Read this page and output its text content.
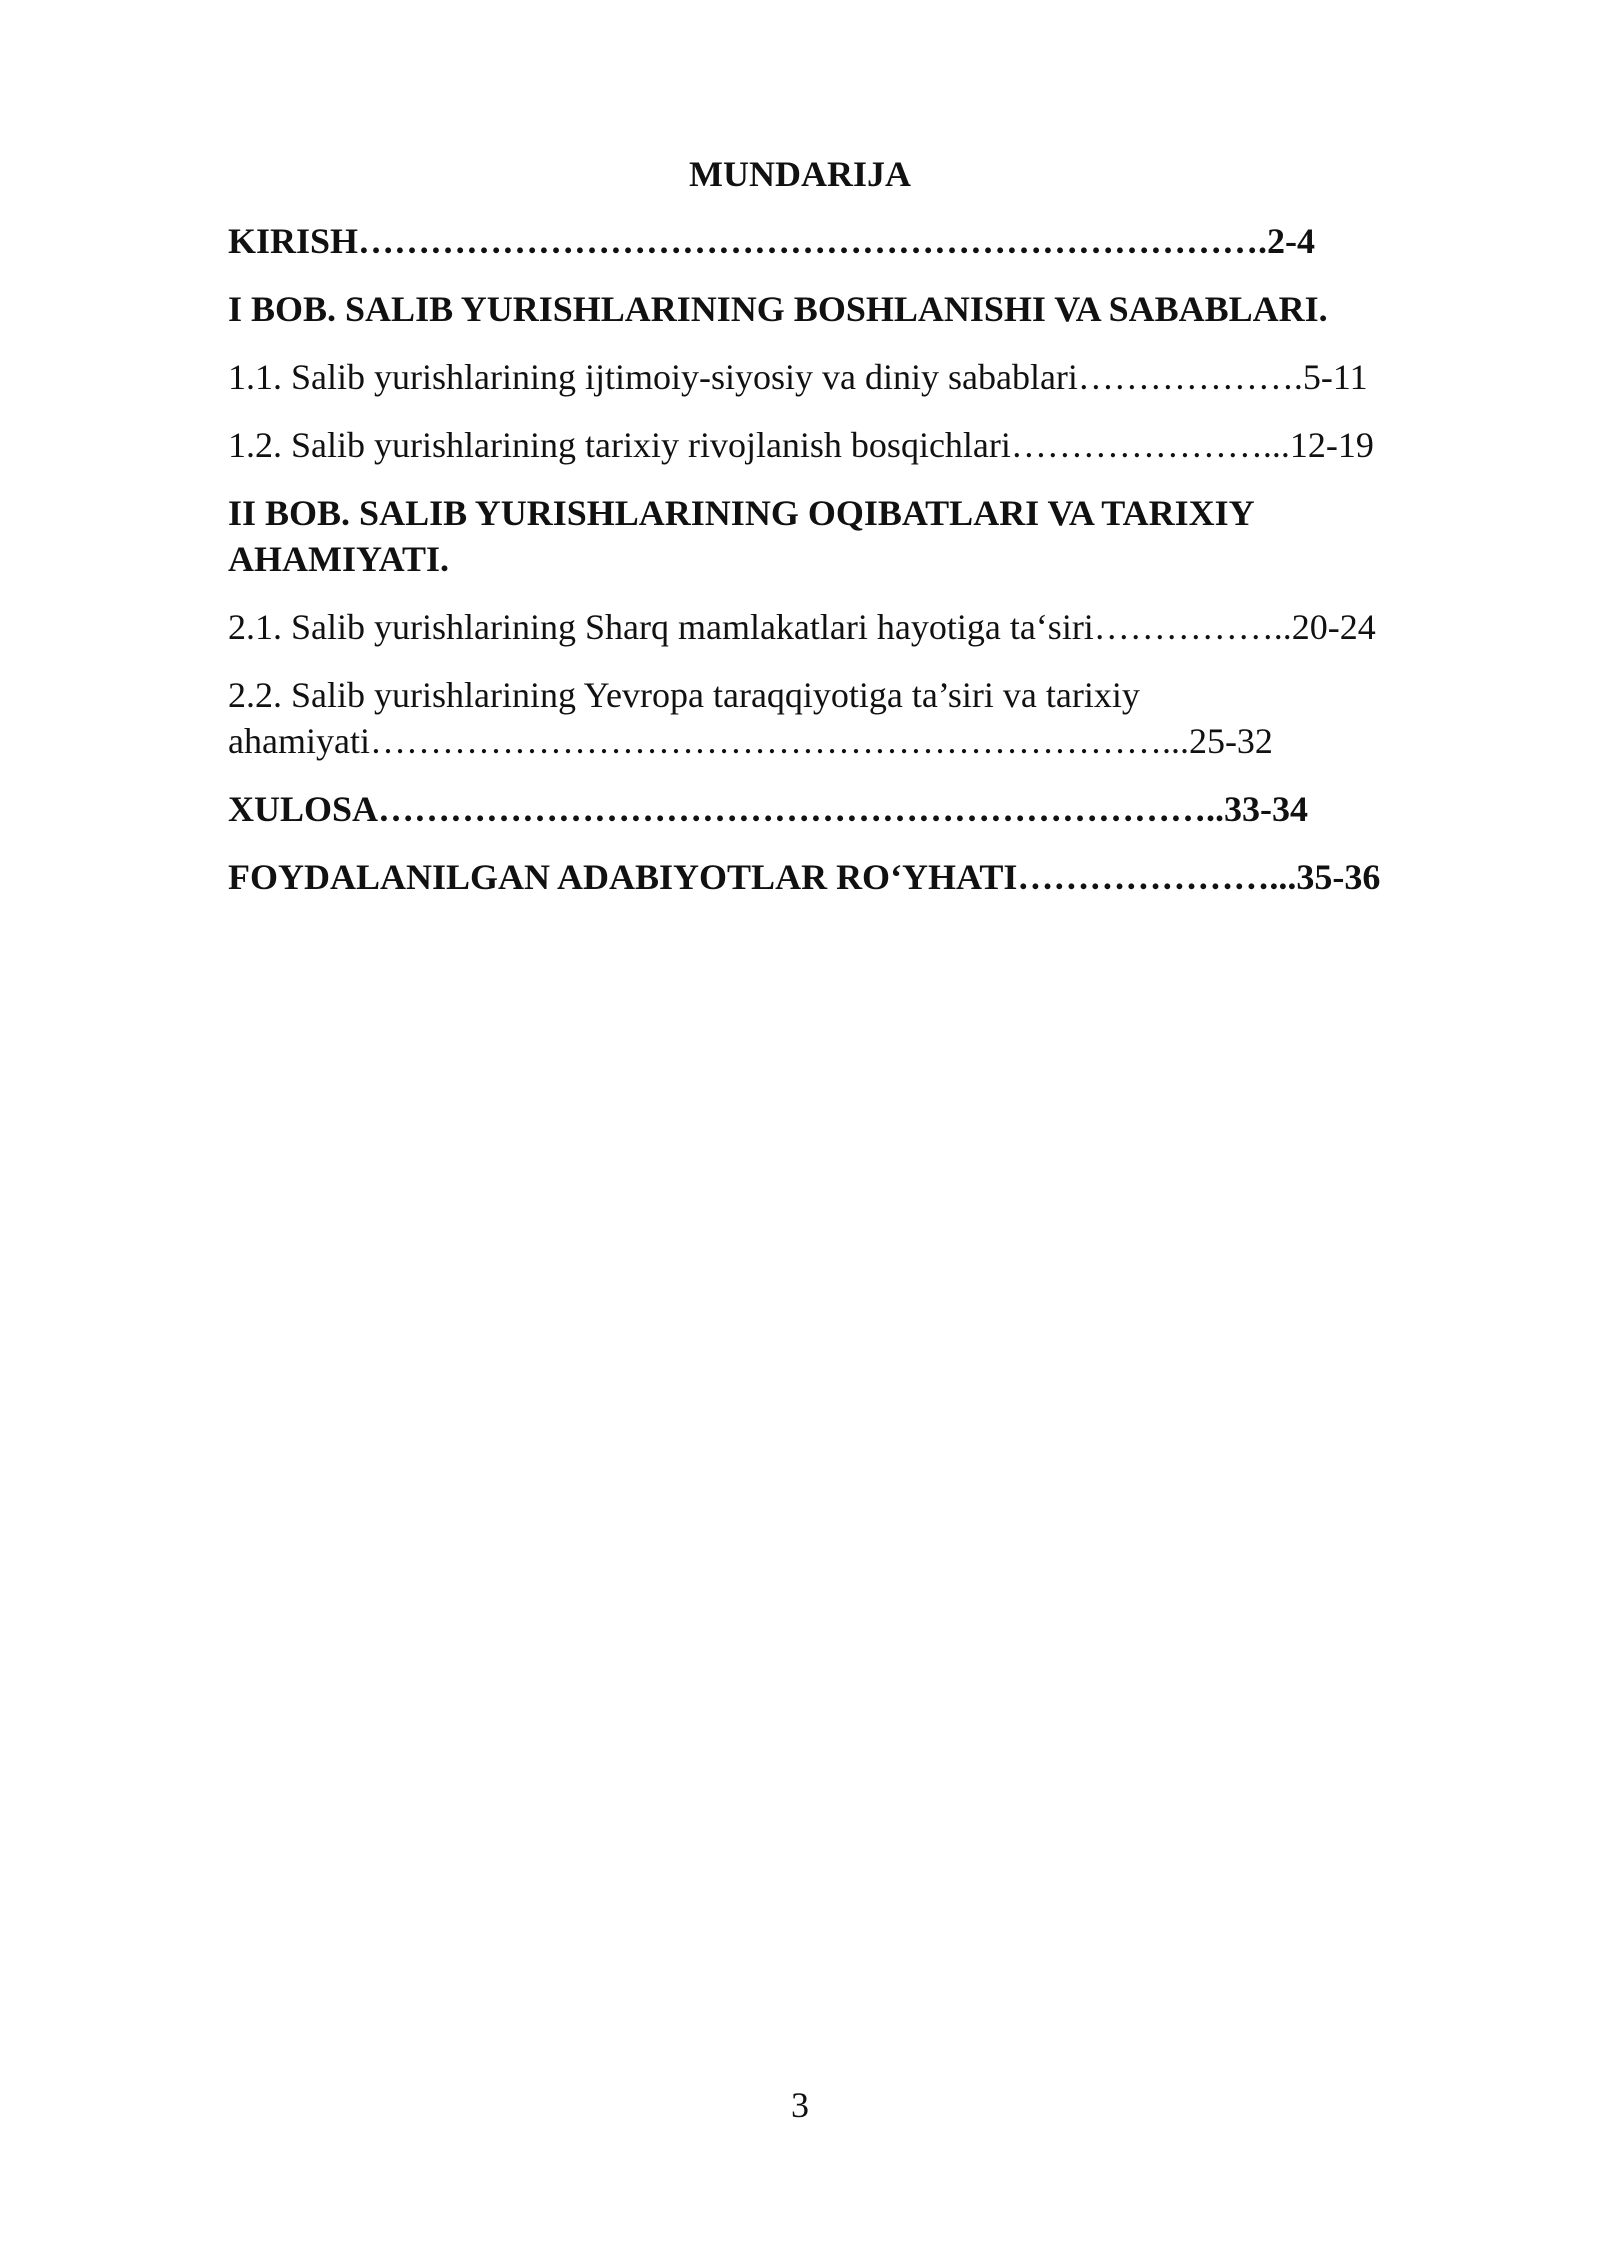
MUNDARIJA

KIRISH………………………………………………………………….2-4

I BOB. SALIB YURISHLARINING BOSHLANISHI VA SABABLARI.

1.1. Salib yurishlarining ijtimoiy-siyosiy va diniy sabablari……………….5-11

1.2. Salib yurishlarining tarixiy rivojlanish bosqichlari…………………...12-19

II BOB. SALIB YURISHLARINING OQIBATLARI VA TARIXIY
AHAMIYATI.

2.1. Salib yurishlarining Sharq mamlakatlari hayotiga ta‘siri……………..20-24

2.2. Salib yurishlarining Yevropa taraqqiyotiga ta’siri va tarixiy
ahamiyati…………………………………………………………...25-32

XULOSA……………………………………………………………..33-34

FOYDALANILGAN ADABIYOTLAR RO‘YHATI…………………...35-36

3
